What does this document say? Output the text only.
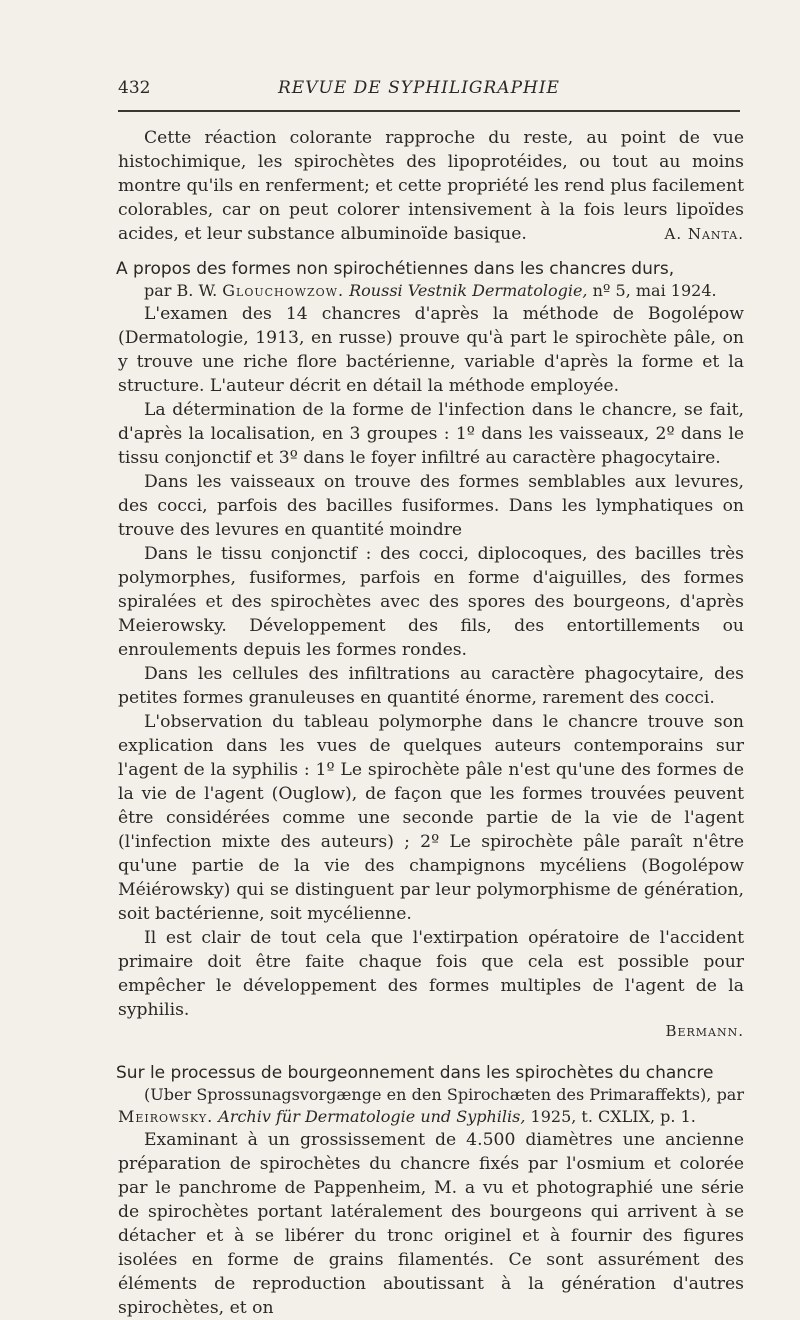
432	REVUE DE SYPHILIGRAPHIE

Cette réaction colorante rapproche du reste, au point de vue histochimique, les spirochètes des lipoprotéides, ou tout au moins montre qu'ils en renferment; et cette propriété les rend plus facilement colorables, car on peut colorer intensivement à la fois leurs lipoïdes acides, et leur substance albuminoïde basique.	A. Nanta.

A propos des formes non spirochétiennes dans les chancres durs,

par B. W. Glouchowzow. Roussi Vestnik Dermatologie, nº 5, mai 1924.

L'examen des 14 chancres d'après la méthode de Bogolépow (Dermatologie, 1913, en russe) prouve qu'à part le spirochète pâle, on y trouve une riche flore bactérienne, variable d'après la forme et la structure. L'auteur décrit en détail la méthode employée.

La détermination de la forme de l'infection dans le chancre, se fait, d'après la localisation, en 3 groupes : 1º dans les vaisseaux, 2º dans le tissu conjonctif et 3º dans le foyer infiltré au caractère phagocytaire.

Dans les vaisseaux on trouve des formes semblables aux levures, des cocci, parfois des bacilles fusiformes. Dans les lymphatiques on trouve des levures en quantité moindre

Dans le tissu conjonctif : des cocci, diplocoques, des bacilles très polymorphes, fusiformes, parfois en forme d'aiguilles, des formes spiralées et des spirochètes avec des spores des bourgeons, d'après Meierowsky. Développement des fils, des entortillements ou enroulements depuis les formes rondes.

Dans les cellules des infiltrations au caractère phagocytaire, des petites formes granuleuses en quantité énorme, rarement des cocci.

L'observation du tableau polymorphe dans le chancre trouve son explication dans les vues de quelques auteurs contemporains sur l'agent de la syphilis : 1º Le spirochète pâle n'est qu'une des formes de la vie de l'agent (Ouglow), de façon que les formes trouvées peuvent être considérées comme une seconde partie de la vie de l'agent (l'infection mixte des auteurs) ; 2º Le spirochète pâle paraît n'être qu'une partie de la vie des champignons mycéliens (Bogolépow Méiérowsky) qui se distinguent par leur polymorphisme de génération, soit bactérienne, soit mycélienne.

Il est clair de tout cela que l'extirpation opératoire de l'accident primaire doit être faite chaque fois que cela est possible pour empêcher le développement des formes multiples de l'agent de la syphilis.

Bermann.
Sur le processus de bourgeonnement dans les spirochètes du chancre

(Uber Sprossunagsvorgænge en den Spirochæten des Primaraffekts), par Meirowsky. Archiv für Dermatologie und Syphilis, 1925, t. CXLIX, p. 1.

Examinant à un grossissement de 4.500 diamètres une ancienne préparation de spirochètes du chancre fixés par l'osmium et colorée par le panchrome de Pappenheim, M. a vu et photographié une série de spirochètes portant latéralement des bourgeons qui arrivent à se détacher et à se libérer du tronc originel et à fournir des figures isolées en forme de grains filamentés. Ce sont assurément des éléments de reproduction aboutissant à la génération d'autres spirochètes, et on
